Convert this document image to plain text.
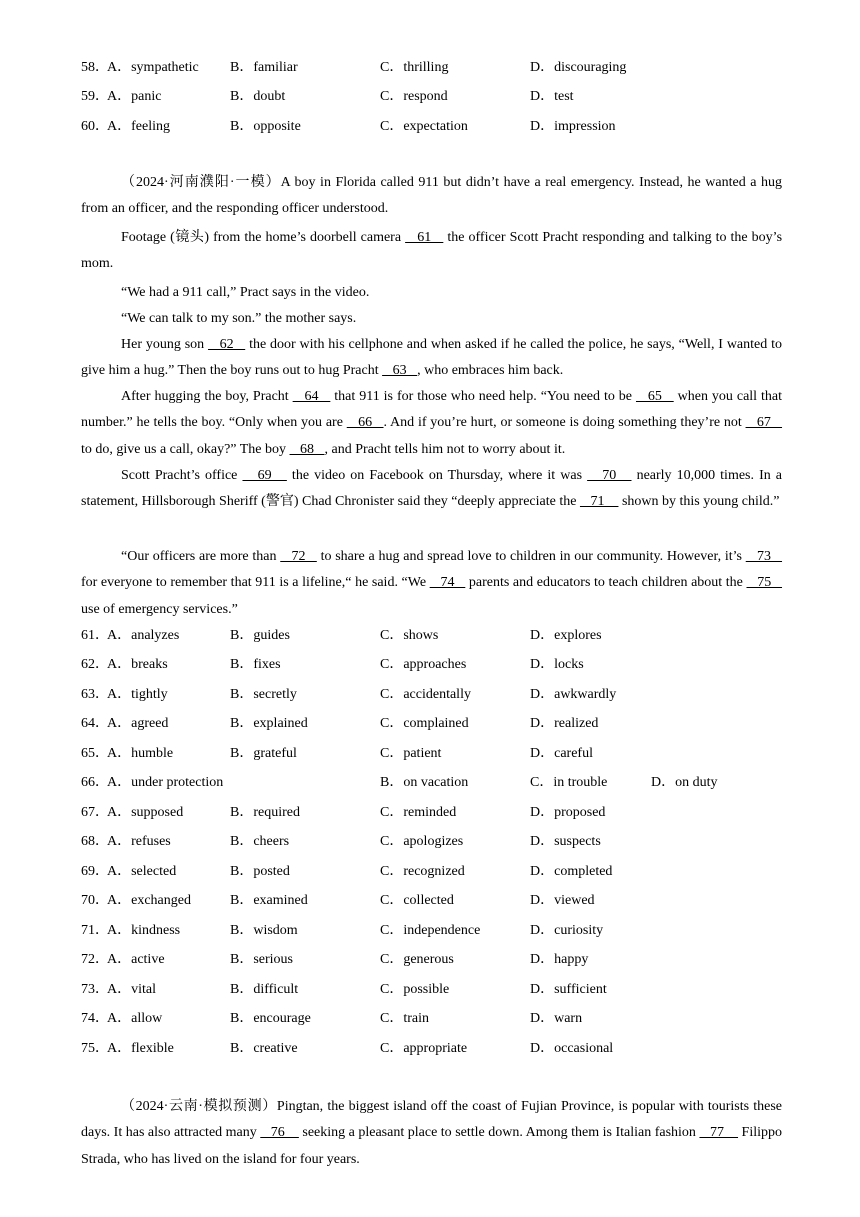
58．
A．sympathetic B．familiar	C．thrilling	D．discouraging
59．
A．panic	B．doubt	C．respond	D．test
60．
A．feeling	B．opposite	C．expectation	D．impression

（2024·河南濮阳·一模）A boy in Florida called 911 but didn’t have a real emergency. Instead, he wanted a hug from an officer, and the responding officer understood.

Footage (镜头) from the home’s doorbell camera    61    the officer Scott Pracht responding and talking to the boy’s mom.

“We had a 911 call,” Pract says in the video.

“We can talk to my son.” the mother says.

Her young son    62    the door with his cellphone and when asked if he called the police, he says, “Well, I wanted to give him a hug.” Then the boy runs out to hug Pracht    63   , who embraces him back.

After hugging the boy, Pracht    64    that 911 is for those who need help. “You need to be    65    when you call that number.” he tells the boy. “Only when you are    66   . And if you’re hurt, or someone is doing something they’re not    67    to do, give us a call, okay?” The boy    68   , and Pracht tells him not to worry about it.

Scott Pracht’s office    69    the video on Facebook on Thursday, where it was    70    nearly 10,000 times. In a statement, Hillsborough Sheriff (警官) Chad Chronister said they “deeply appreciate the    71     shown by this young child.”

“Our officers are more than    72    to share a hug and spread love to children in our community. However, it’s    73    for everyone to remember that 911 is a lifeline,“ he said. “We    74    parents and educators to teach children about the    75    use of emergency services.”

61．
A．analyzes	B．guides	C．shows	D．explores
62．
A．breaks	B．fixes	C．approaches	D．locks
63．
A．tightly	B．secretly	C．accidentally	D．awkwardly
64．
A．agreed	B．explained	C．complained	D．realized
65．
A．humble	B．grateful	C．patient	D．careful
66．
A．under protection	B．on vacation	C．in trouble	D．on duty
67．
A．supposed	B．required	C．reminded	D．proposed
68．
A．refuses	B．cheers	C．apologizes	D．suspects
69．
A．selected	B．posted	C．recognized	D．completed
70．
A．exchanged	B．examined	C．collected	D．viewed
71．
A．kindness	B．wisdom	C．independence	D．curiosity
72．
A．active	B．serious	C．generous	D．happy
73．
A．vital	B．difficult	C．possible	D．sufficient
74．
A．allow	B．encourage	C．train	D．warn
75．
A．flexible	B．creative	C．appropriate	D．occasional

（2024·云南·模拟预测）Pingtan, the biggest island off the coast of Fujian Province, is popular with tourists these days. It has also attracted many    76     seeking a pleasant place to settle down. Among them is Italian fashion    77     Filippo Strada, who has lived on the island for four years.
